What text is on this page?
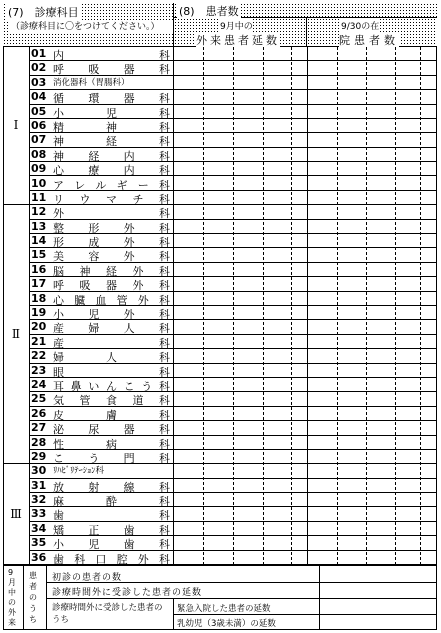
(7)　診療科目
（診療科目に〇をつけてください。）
(8)　患者数
9月中の
外来患者延数
9/30の在
院患者数
01 内	科
02 呼 吸 器 科
03 消化器科（胃腸科）
04 循 環 器 科
05 小	児	科
06 精	神	科
07 神	経	科
08 神 経 内 科
09 心 療 内 科
10 ア レ ル ギ ー 科
11 リ ウ マ チ 科
Ⅰ
12 外	科
13 整 形 外 科
14 形 成 外 科
15 美 容 外 科
16 脳 神 経 外 科
17 呼 吸 器 外 科
18 心 臓 血 管 外 科
19 小 児 外 科
20 産 婦 人 科
21 産	科
22 婦	人	科
23 眼	科
24 耳 鼻 い ん こ う 科
25 気 管 食 道 科
26 皮	膚	科
27 泌 尿 器 科
28 性	病	科
29 こ う 門 科
Ⅱ
30 ﾘﾊﾋﾞﾘﾃｰｼｮﾝ科
31 放 射 線 科
32 麻	酔	科
33 歯	科
34 矯 正 歯 科
35 小 児 歯 科
36 歯 科 口 腔 外 科
Ⅲ
9月中の外来
患者のうち
初診の患者の数
診療時間外に受診した患者の延数
診療時間外に受診した患者のうち
緊急入院した患者の延数
乳幼児（3歳未満）の延数
